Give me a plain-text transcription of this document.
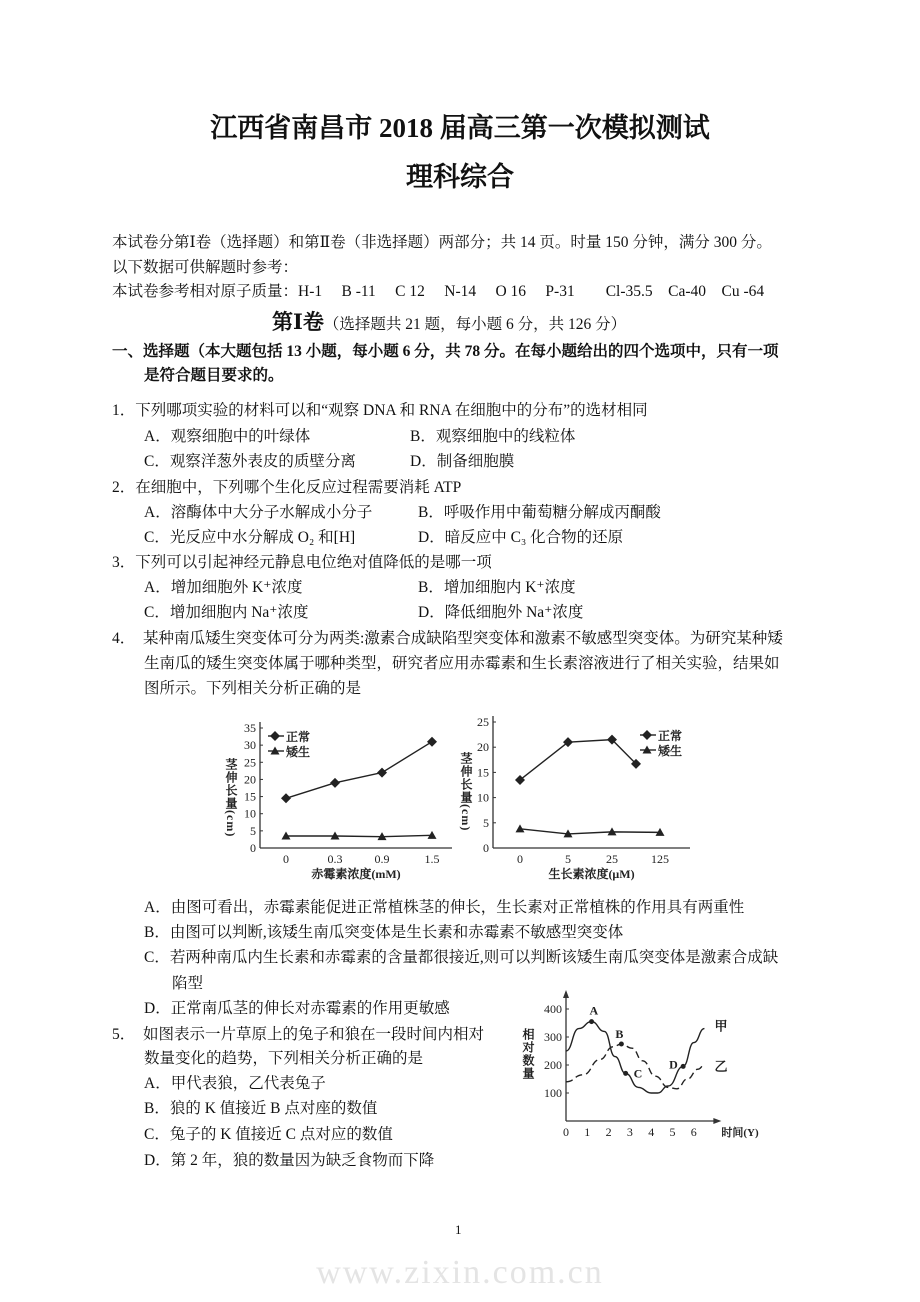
江西省南昌市 2018 届高三第一次模拟测试
理科综合
本试卷分第Ⅰ卷（选择题）和第Ⅱ卷（非选择题）两部分；共 14 页。时量 150 分钟，满分 300 分。
以下数据可供解题时参考：
本试卷参考相对原子质量：H-1　 B -11　 C 12　 N-14　 O 16　 P-31　　Cl-35.5　Ca-40　Cu -64
第Ⅰ卷（选择题共 21 题，每小题 6 分，共 126 分）
一、选择题（本大题包括 13 小题，每小题 6 分，共 78 分。在每小题给出的四个选项中，只有一项
是符合题目要求的。
1．下列哪项实验的材料可以和“观察 DNA 和 RNA 在细胞中的分布”的选材相同
A．观察细胞中的叶绿体	B．观察细胞中的线粒体
C．观察洋葱外表皮的质壁分离	D．制备细胞膜
2．在细胞中，下列哪个生化反应过程需要消耗 ATP
A．溶酶体中大分子水解成小分子	B．呼吸作用中葡萄糖分解成丙酮酸
C．光反应中水分解成 O₂ 和[H]	D．暗反应中 C₃ 化合物的还原
3．下列可以引起神经元静息电位绝对值降低的是哪一项
A．增加细胞外 K⁺浓度	B．增加细胞内 K⁺浓度
C．增加细胞内 Na⁺浓度	D．降低细胞外 Na⁺浓度
4．　某种南瓜矮生突变体可分为两类:激素合成缺陷型突变体和激素不敏感型突变体。为研究某种矮
生南瓜的矮生突变体属于哪种类型，研究者应用赤霉素和生长素溶液进行了相关实验，结果如
图所示。下列相关分析正确的是
0
5
10
15
20
25
30
35
0	0.3	0.9	1.5
赤霉素浓度(mM)
正常
矮生
0
5
10
15
20
25
0	5	25	125
生长素浓度(μM)
正常
矮生
100
200
300
400
0 1 2 3 4 5 6 时间(Y)
甲
乙
A
B
C
D
茎伸长量(cm)	茎伸长量(cm)
相对数量
A．由图可看出，赤霉素能促进正常植株茎的伸长，生长素对正常植株的作用具有两重性
B．由图可以判断,该矮生南瓜突变体是生长素和赤霉素不敏感型突变体
C．若两种南瓜内生长素和赤霉素的含量都很接近,则可以判断该矮生南瓜突变体是激素合成缺
陷型
D．正常南瓜茎的伸长对赤霉素的作用更敏感
5．　如图表示一片草原上的兔子和狼在一段时间内相对
数量变化的趋势，下列相关分析正确的是
A．甲代表狼，乙代表兔子
B．狼的 K 值接近 B 点对座的数值
C．兔子的 K 值接近 C 点对应的数值
D．第 2 年，狼的数量因为缺乏食物而下降
1
www.zixin.com.cn
